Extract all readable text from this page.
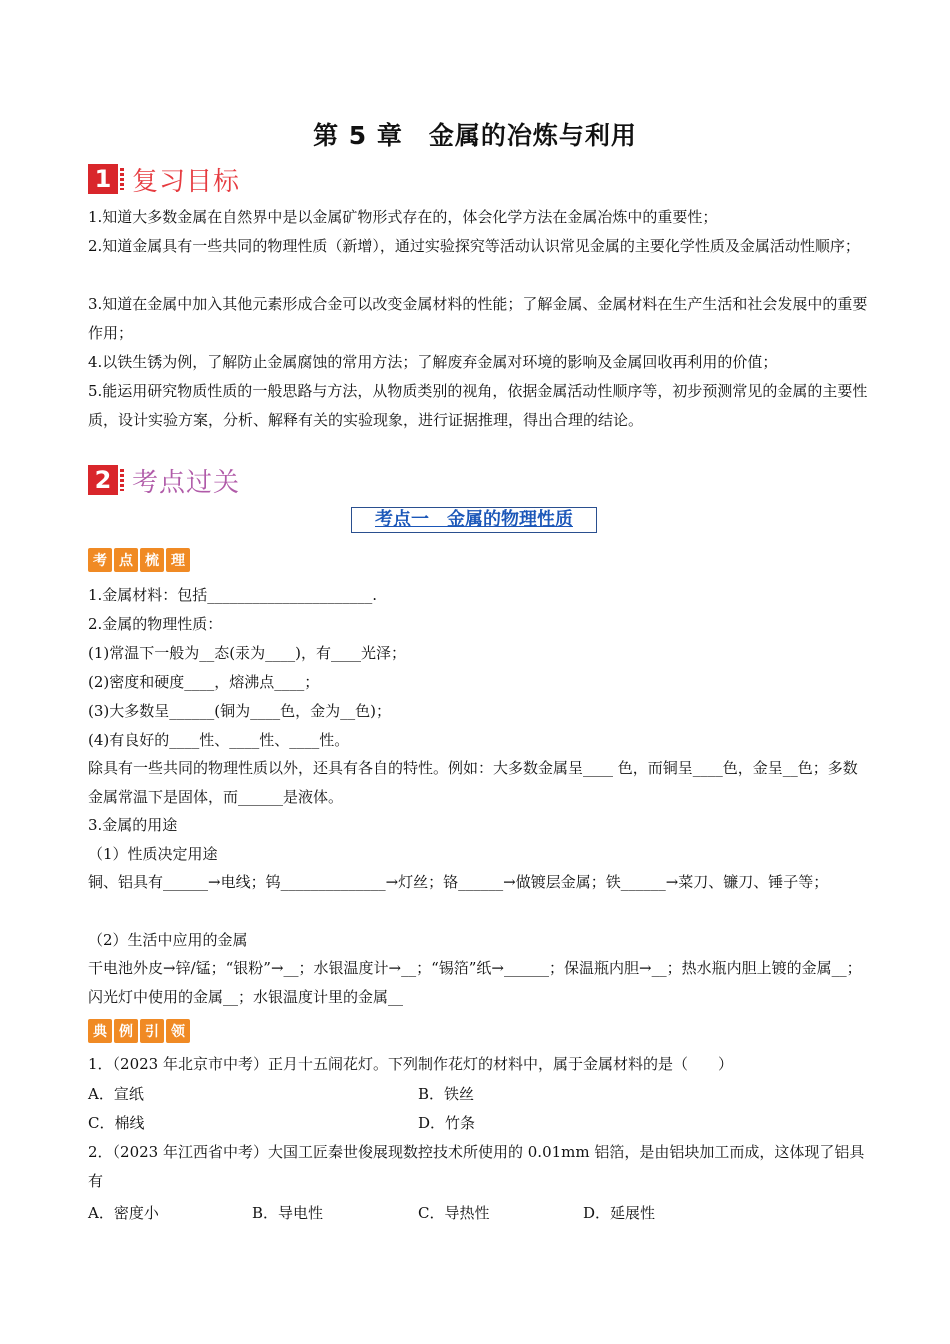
第 5 章　金属的冶炼与利用
1 复习目标

1.知道大多数金属在自然界中是以金属矿物形式存在的，体会化学方法在金属冶炼中的重要性；

2.知道金属具有一些共同的物理性质（新增），通过实验探究等活动认识常见金属的主要化学性质及金属活动性顺序；

3.知道在金属中加入其他元素形成合金可以改变金属材料的性能；了解金属、金属材料在生产生活和社会发展中的重要作用；

4.以铁生锈为例，了解防止金属腐蚀的常用方法；了解废弃金属对环境的影响及金属回收再利用的价值；

5.能运用研究物质性质的一般思路与方法，从物质类别的视角，依据金属活动性顺序等，初步预测常见的金属的主要性质，设计实验方案，分析、解释有关的实验现象，进行证据推理，得出合理的结论。

2 考点过关
考点一　金属的物理性质
考 点 梳 理
1.金属材料：包括______________________.
2.金属的物理性质：
(1)常温下一般为__态(汞为____)，有____光泽；
(2)密度和硬度____，熔沸点____；
(3)大多数呈______(铜为____色，金为__色)；
(4)有良好的____性、____性、____性。

除具有一些共同的物理性质以外，还具有各自的特性。例如：大多数金属呈____ 色，而铜呈____色，金呈__色；多数金属常温下是固体，而______是液体。

3.金属的用途
（1）性质决定用途

铜、铝具有______→电线；钨______________→灯丝；铬______→做镀层金属；铁______→菜刀、镰刀、锤子等；

（2）生活中应用的金属

干电池外皮→锌/锰；“银粉”→__；水银温度计→__；“锡箔”纸→______；保温瓶内胆→__；热水瓶内胆上镀的金属__；闪光灯中使用的金属__；水银温度计里的金属__

典 例 引 领
1．（2023 年北京市中考）正月十五闹花灯。下列制作花灯的材料中，属于金属材料的是（　　）
A．宣纸	B．铁丝
C．棉线	D．竹条

2．（2023 年江西省中考）大国工匠秦世俊展现数控技术所使用的 0.01mm 铝箔，是由铝块加工而成，这体现了铝具有

A．密度小	B．导电性	C．导热性	D．延展性
